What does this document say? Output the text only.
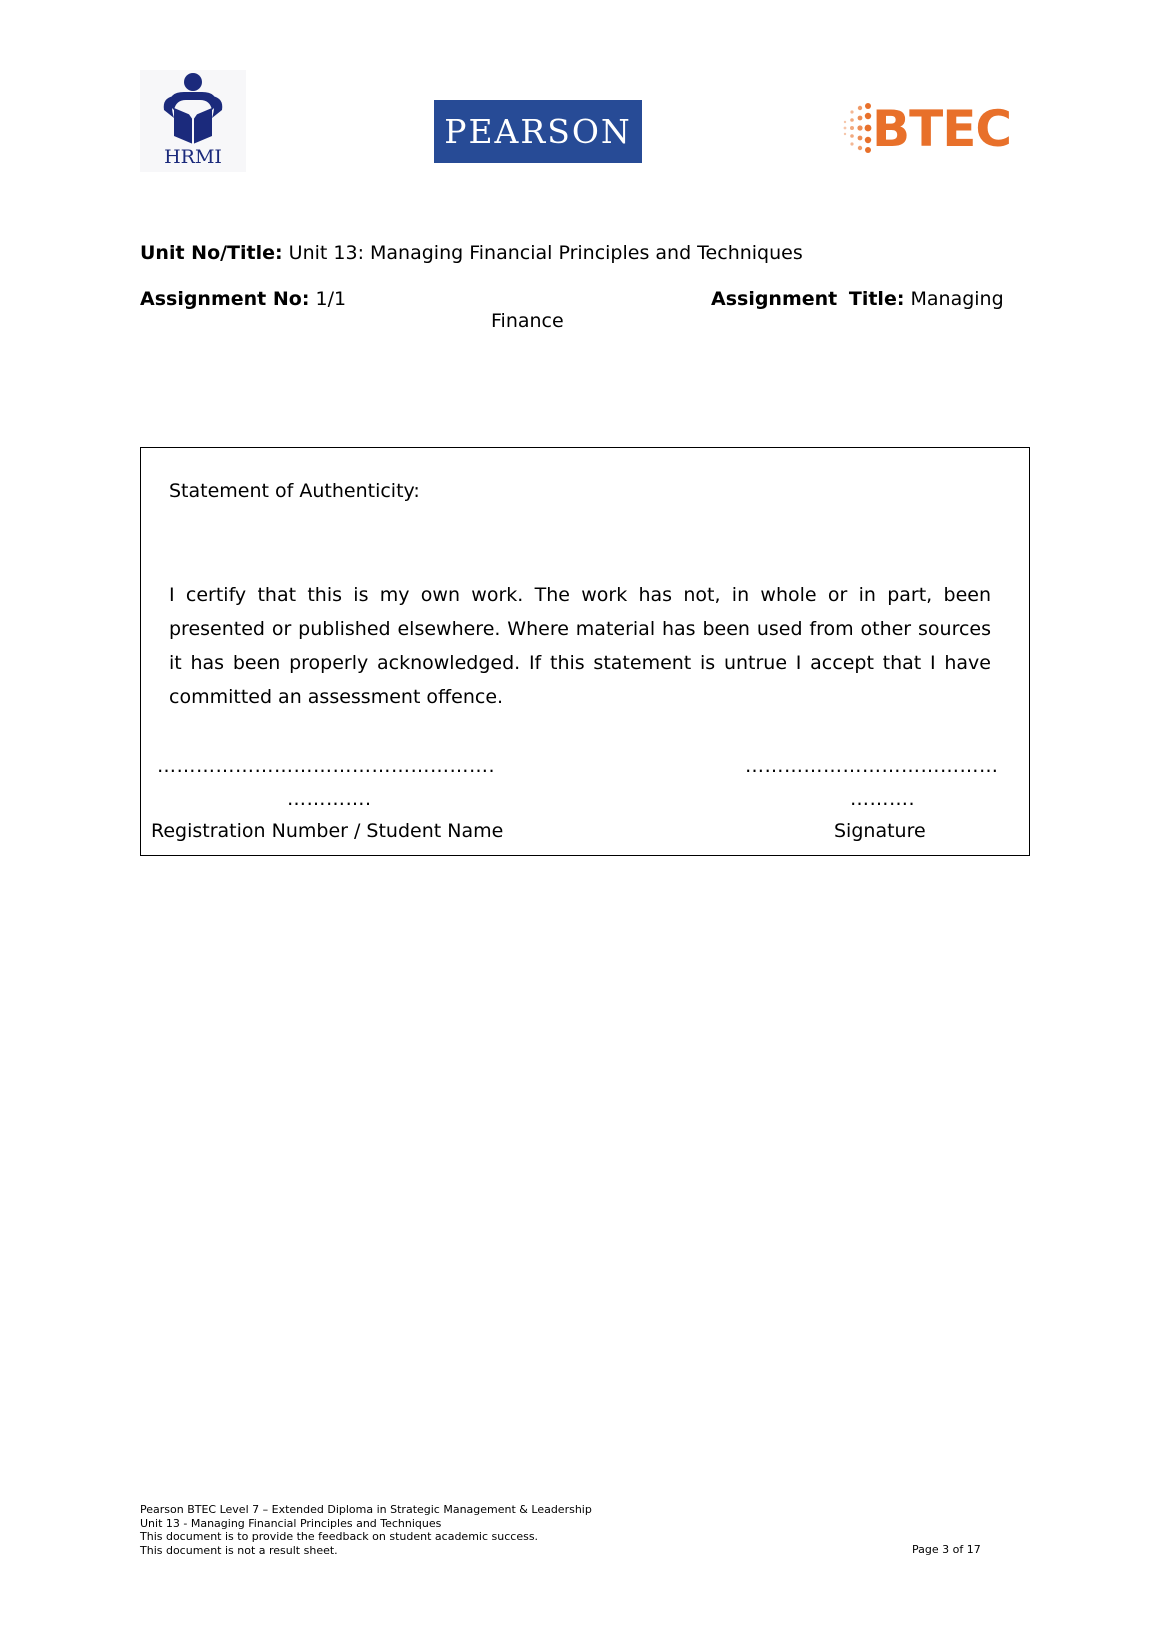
HRMI
PEARSON	BTEC
Unit No/Title: Unit 13: Managing Financial Principles and Techniques
Assignment No: 1/1	Assignment Title: Managing
Finance
Statement of Authenticity:
I certify that this is my own work. The work has not, in whole or in part, been presented or published elsewhere. Where material has been used from other sources it has been properly acknowledged. If this statement is untrue I accept that I have committed an assessment offence.
…………………………………………….
………….
…………………………………
……….
Registration Number / Student Name	Signature
Pearson BTEC Level 7 – Extended Diploma in Strategic Management & Leadership
Unit 13 - Managing Financial Principles and Techniques
This document is to provide the feedback on student academic success.
This document is not a result sheet.	Page 3 of 17
